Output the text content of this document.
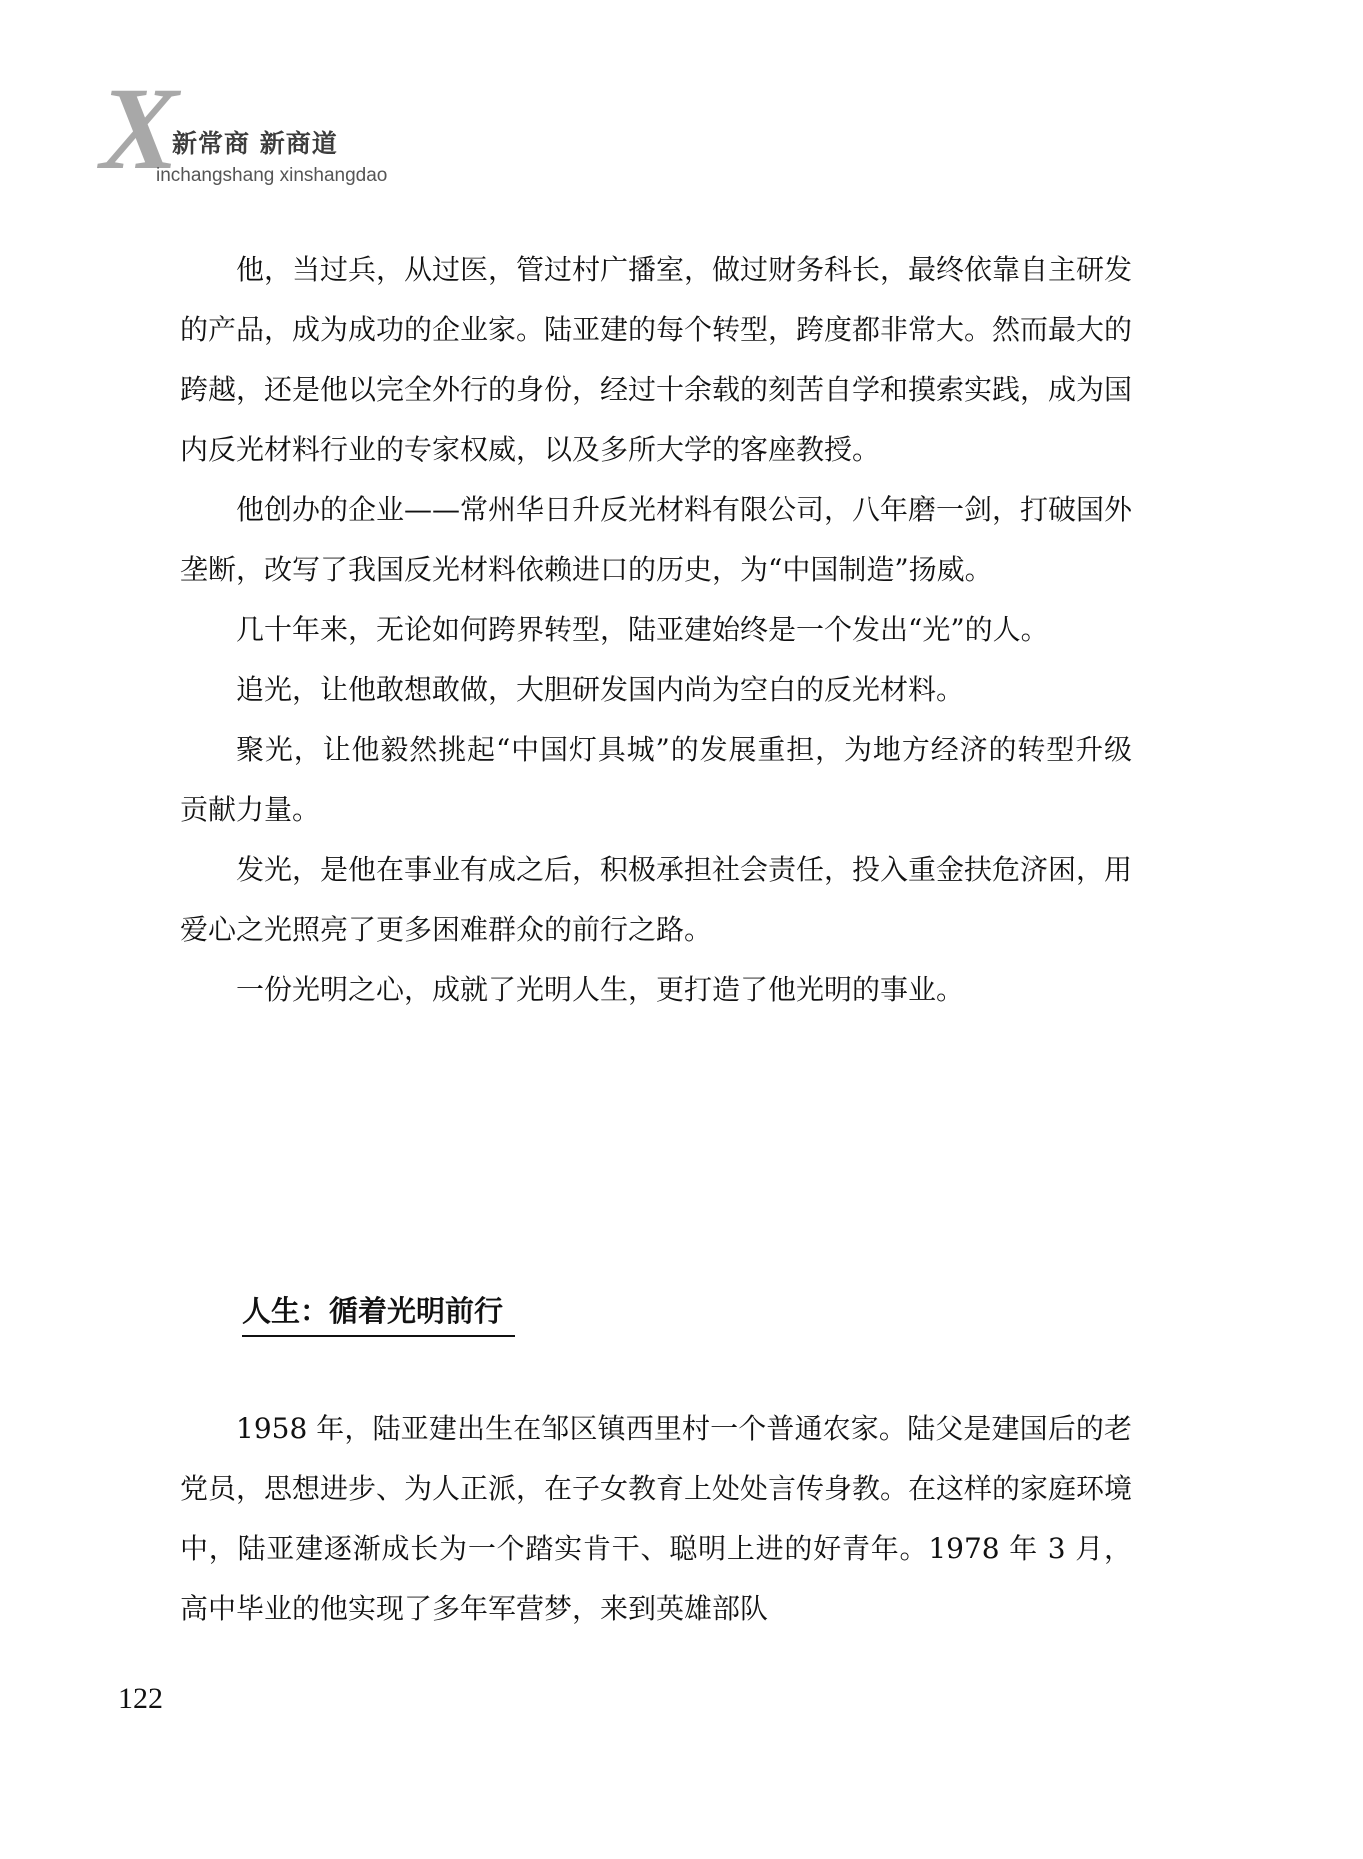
X
新常商 新商道
inchangshang xinshangdao

他，当过兵，从过医，管过村广播室，做过财务科长，最终依靠自主研发的产品，成为成功的企业家。陆亚建的每个转型，跨度都非常大。然而最大的跨越，还是他以完全外行的身份，经过十余载的刻苦自学和摸索实践，成为国内反光材料行业的专家权威，以及多所大学的客座教授。

他创办的企业——常州华日升反光材料有限公司，八年磨一剑，打破国外垄断，改写了我国反光材料依赖进口的历史，为“中国制造”扬威。

几十年来，无论如何跨界转型，陆亚建始终是一个发出“光”的人。

追光，让他敢想敢做，大胆研发国内尚为空白的反光材料。

聚光，让他毅然挑起“中国灯具城”的发展重担，为地方经济的转型升级贡献力量。

发光，是他在事业有成之后，积极承担社会责任，投入重金扶危济困，用爱心之光照亮了更多困难群众的前行之路。

一份光明之心，成就了光明人生，更打造了他光明的事业。

人生：循着光明前行

1958 年，陆亚建出生在邹区镇西里村一个普通农家。陆父是建国后的老党员，思想进步、为人正派，在子女教育上处处言传身教。在这样的家庭环境中，陆亚建逐渐成长为一个踏实肯干、聪明上进的好青年。1978 年 3 月，高中毕业的他实现了多年军营梦，来到英雄部队

122
